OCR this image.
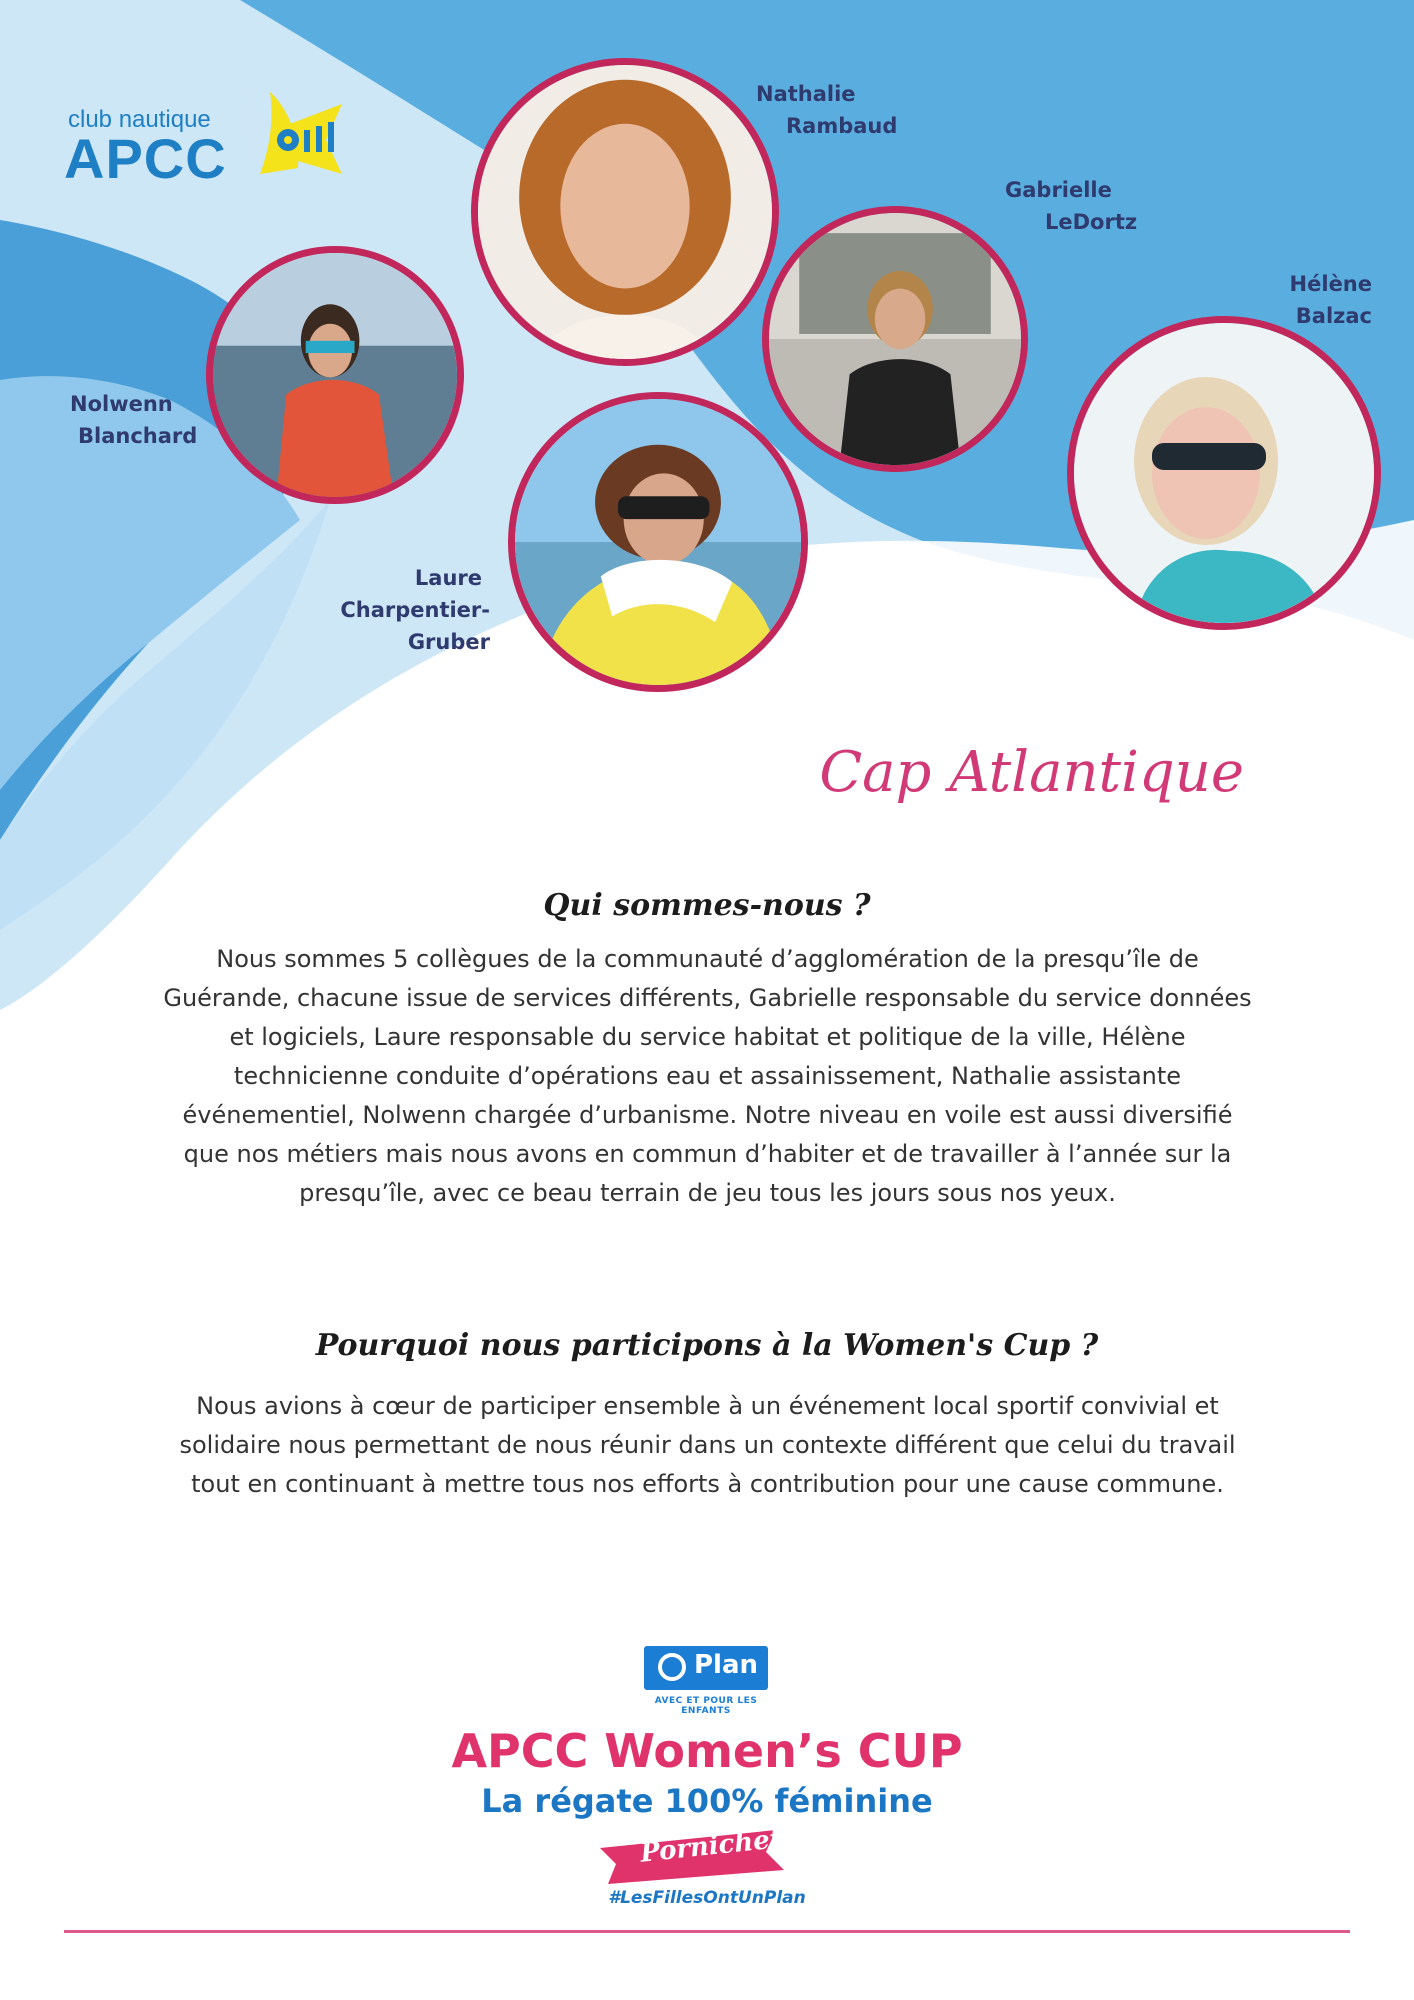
club nautique
APCC
Nathalie
Rambaud
Gabrielle
LeDortz
Hélène
Balzac
Nolwenn
Blanchard
Laure
Charpentier-
Gruber
Cap Atlantique
Qui sommes-nous ?

Nous sommes 5 collègues de la communauté d’agglomération de la presqu’île de Guérande, chacune issue de services différents, Gabrielle responsable du service données et logiciels, Laure responsable du service habitat et politique de la ville, Hélène technicienne conduite d’opérations eau et assainissement, Nathalie assistante événementiel, Nolwenn chargée d’urbanisme. Notre niveau en voile est aussi diversifié que nos métiers mais nous avons en commun d’habiter et de travailler à l’année sur la presqu’île, avec ce beau terrain de jeu tous les jours sous nos yeux.

Pourquoi nous participons à la Women's Cup ?

Nous avions à cœur de participer ensemble à un événement local sportif convivial et solidaire nous permettant de nous réunir dans un contexte différent que celui du travail tout en continuant à mettre tous nos efforts à contribution pour une cause commune.

Plan
AVEC ET POUR LES ENFANTS
APCC Women’s CUP
La régate 100% féminine
Pornichet
#LesFillesOntUnPlan
